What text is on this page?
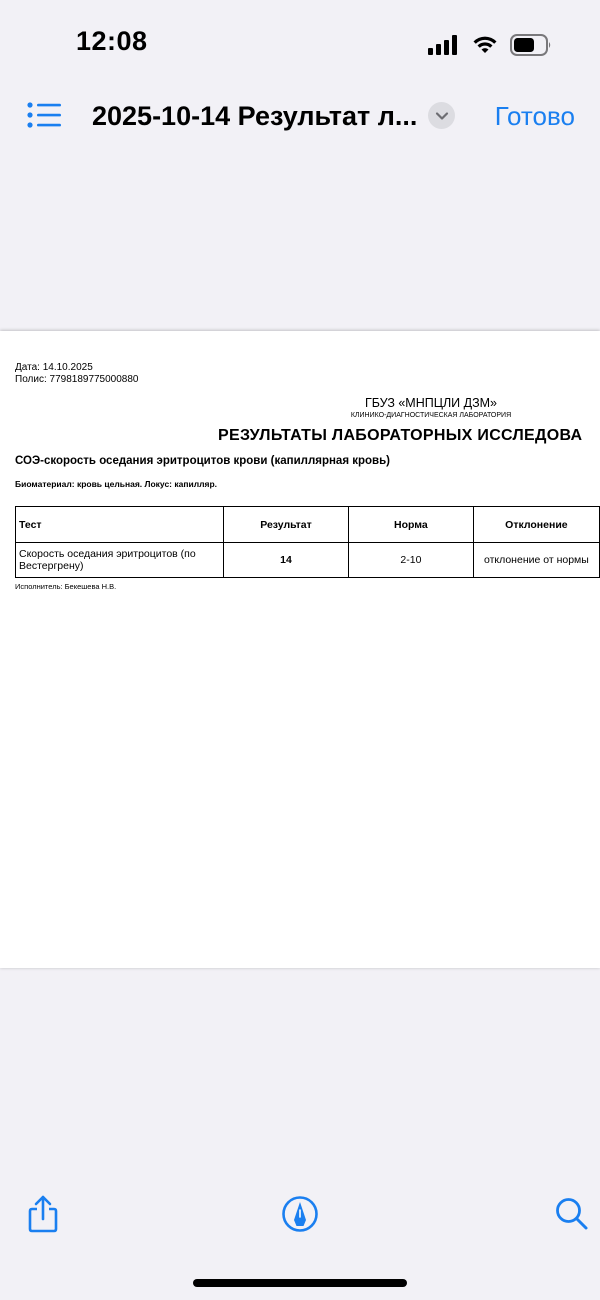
12:08
2025-10-14 Результат л...	Готово
Дата: 14.10.2025
Полис: 7798189775000880
ГБУЗ «МНПЦЛИ ДЗМ»
КЛИНИКО-ДИАГНОСТИЧЕСКАЯ ЛАБОРАТОРИЯ
РЕЗУЛЬТАТЫ ЛАБОРАТОРНЫХ ИССЛЕДОВА
СОЭ-скорость оседания эритроцитов крови (капиллярная кровь)
Биоматериал: кровь цельная. Локус: капилляр.
Тест	Результат	Норма	Отклонение
Скорость оседания эритроцитов (по Вестергрену)	14	2-10	отклонение от нормы
Исполнитель: Бекешева Н.В.
